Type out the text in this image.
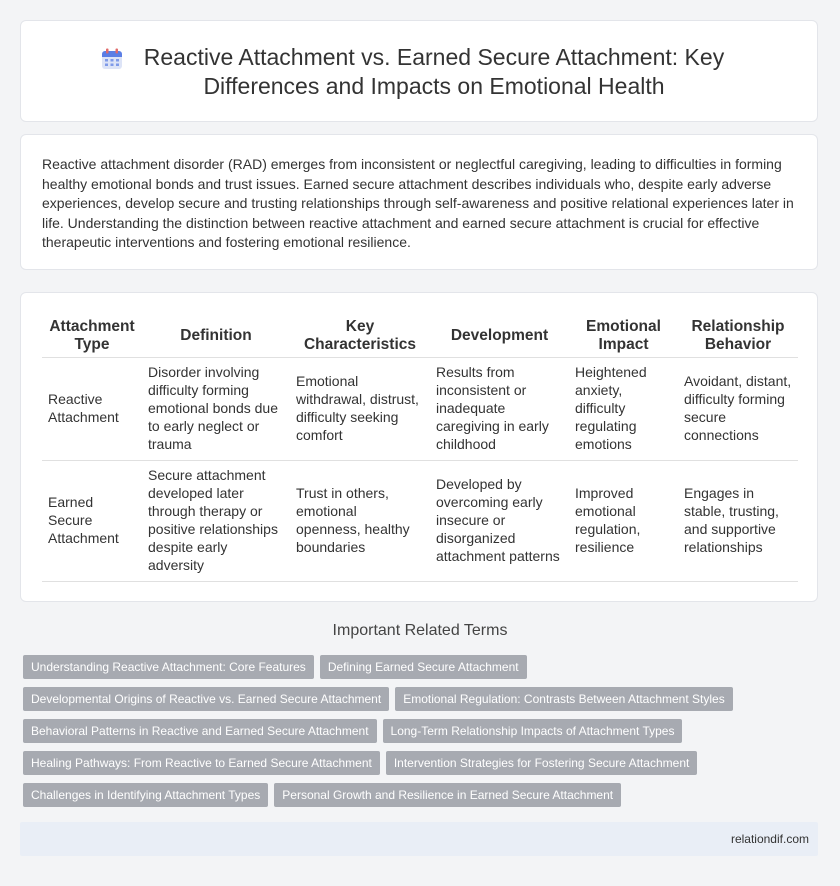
Reactive Attachment vs. Earned Secure Attachment: Key Differences and Impacts on Emotional Health

Reactive attachment disorder (RAD) emerges from inconsistent or neglectful caregiving, leading to difficulties in forming healthy emotional bonds and trust issues. Earned secure attachment describes individuals who, despite early adverse experiences, develop secure and trusting relationships through self-awareness and positive relational experiences later in life. Understanding the distinction between reactive attachment and earned secure attachment is crucial for effective therapeutic interventions and fostering emotional resilience.

Attachment Type	Definition	Key Characteristics	Development	Emotional Impact	Relationship Behavior
Reactive Attachment	Disorder involving difficulty forming emotional bonds due to early neglect or trauma	Emotional withdrawal, distrust, difficulty seeking comfort	Results from inconsistent or inadequate caregiving in early childhood	Heightened anxiety, difficulty regulating emotions	Avoidant, distant, difficulty forming secure connections
Earned Secure Attachment	Secure attachment developed later through therapy or positive relationships despite early adversity	Trust in others, emotional openness, healthy boundaries	Developed by overcoming early insecure or disorganized attachment patterns	Improved emotional regulation, resilience	Engages in stable, trusting, and supportive relationships
Important Related Terms
Understanding Reactive Attachment: Core Features Defining Earned Secure Attachment
Developmental Origins of Reactive vs. Earned Secure Attachment Emotional Regulation: Contrasts Between Attachment Styles
Behavioral Patterns in Reactive and Earned Secure Attachment Long-Term Relationship Impacts of Attachment Types
Healing Pathways: From Reactive to Earned Secure Attachment Intervention Strategies for Fostering Secure Attachment
Challenges in Identifying Attachment Types Personal Growth and Resilience in Earned Secure Attachment
relationdif.com
